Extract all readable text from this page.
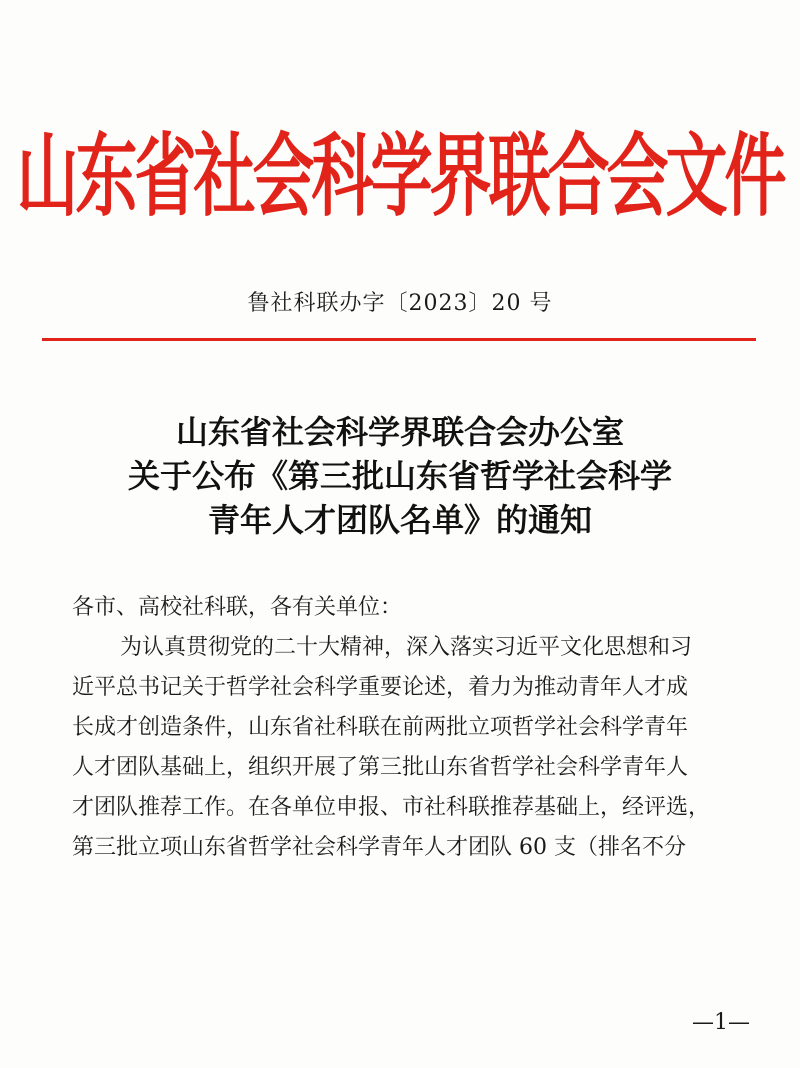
山东省社会科学界联合会文件
鲁社科联办字〔2023〕20 号
山东省社会科学界联合会办公室
关于公布《第三批山东省哲学社会科学
青年人才团队名单》的通知
各市、高校社科联，各有关单位：
为认真贯彻党的二十大精神，深入落实习近平文化思想和习
近平总书记关于哲学社会科学重要论述，着力为推动青年人才成
长成才创造条件，山东省社科联在前两批立项哲学社会科学青年
人才团队基础上，组织开展了第三批山东省哲学社会科学青年人
才团队推荐工作。在各单位申报、市社科联推荐基础上，经评选，
第三批立项山东省哲学社会科学青年人才团队 60 支（排名不分
—1—
